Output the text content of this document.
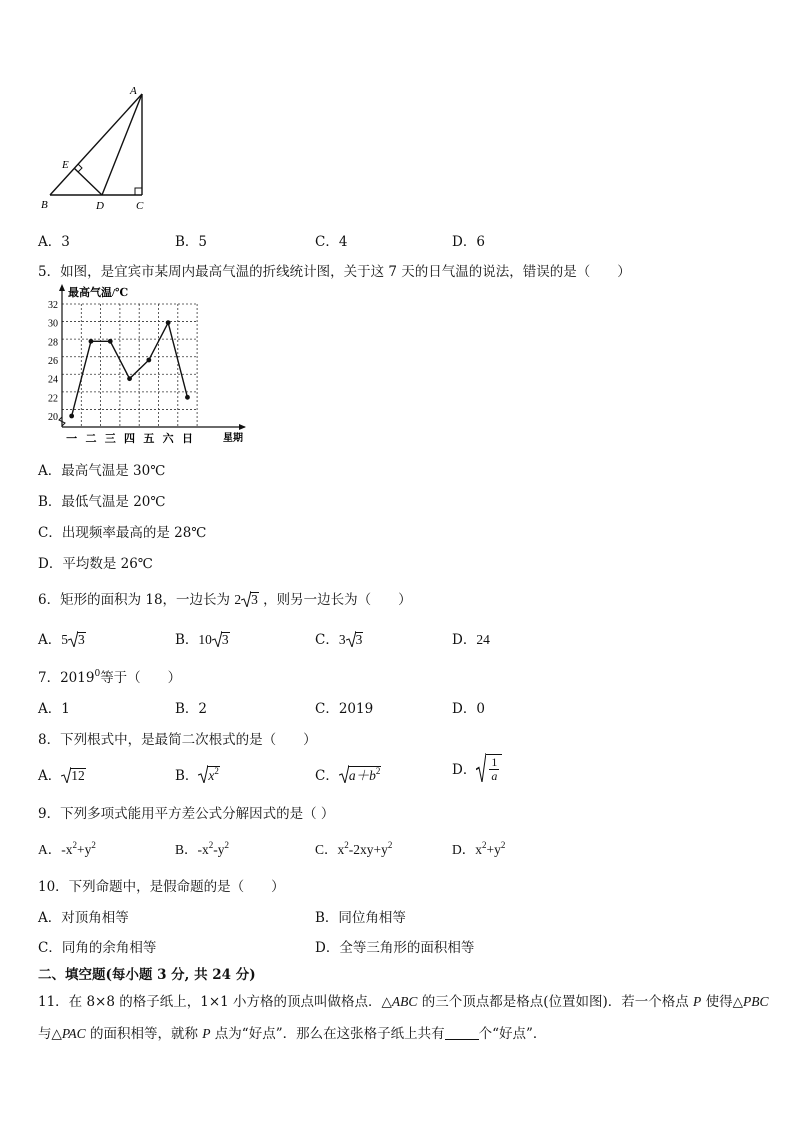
A
E
B	D	C
A．3	B．5	C．4	D．6
5．如图，是宜宾市某周内最高气温的折线统计图，关于这 7 天的日气温的说法，错误的是（　　）
20
22
24
26
28
30
32
最高气温/℃
一 二 三 四 五 六 日	星期
A．最高气温是 30℃
B．最低气温是 20℃
C．出现频率最高的是 28℃
D．平均数是 26℃
6．矩形的面积为 18，一边长为 2 3 ，则另一边长为（　　）
A．5 3	B．10 3	C．3 3	D．24
7．2019$^0$等于（　　）
A．1	B．2	C．2019	D．0
8．下列根式中，是最简二次根式的是（　　）
A． 12	B． $x^2$	C． $a+b^2$	D． $\frac{1}{a}$
9．下列多项式能用平方差公式分解因式的是（ ）
A．$-x^2+y^2$	B．$-x^2-y^2$	C．$x^2-2xy+y^2$	D．$x^2+y^2$
10．下列命题中，是假命题的是（　　）
A．对顶角相等	B．同位角相等
C．同角的余角相等	D．全等三角形的面积相等
二、填空题(每小题 3 分, 共 24 分)
11．在 8×8 的格子纸上，1×1 小方格的顶点叫做格点．△ABC 的三个顶点都是格点(位置如图)．若一个格点 P 使得△PBC
与△PAC 的面积相等，就称 P 点为“好点”．那么在这张格子纸上共有	个“好点”．
